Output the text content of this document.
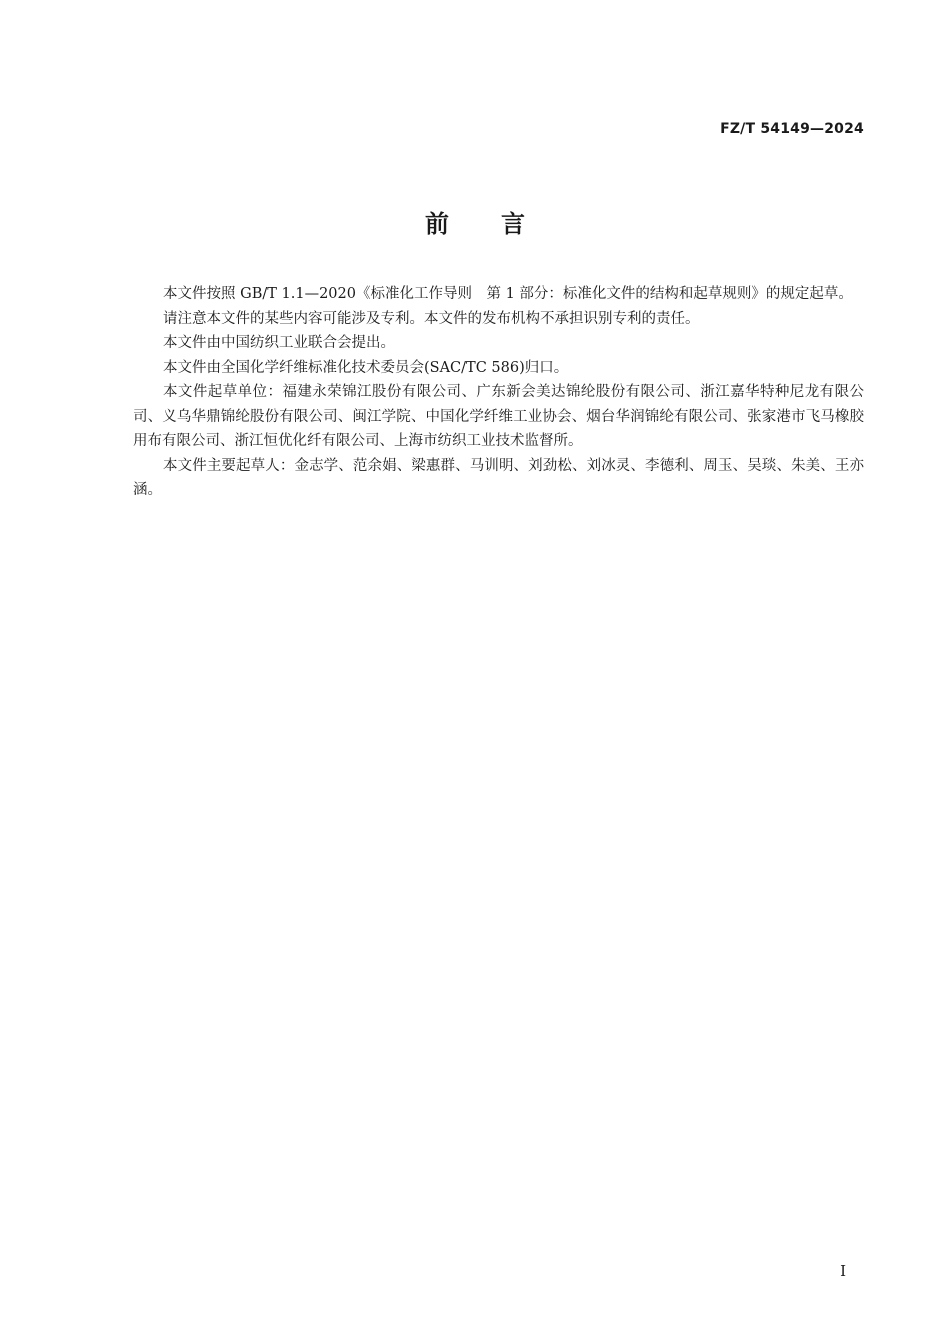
FZ/T 54149—2024
前言

本文件按照 GB/T 1.1—2020《标准化工作导则　第 1 部分：标准化文件的结构和起草规则》的规定起草。

请注意本文件的某些内容可能涉及专利。本文件的发布机构不承担识别专利的责任。

本文件由中国纺织工业联合会提出。

本文件由全国化学纤维标准化技术委员会(SAC/TC 586)归口。

本文件起草单位：福建永荣锦江股份有限公司、广东新会美达锦纶股份有限公司、浙江嘉华特种尼龙有限公司、义乌华鼎锦纶股份有限公司、闽江学院、中国化学纤维工业协会、烟台华润锦纶有限公司、张家港市飞马橡胶用布有限公司、浙江恒优化纤有限公司、上海市纺织工业技术监督所。

本文件主要起草人：金志学、范余娟、梁惠群、马训明、刘劲松、刘冰灵、李德利、周玉、吴琰、朱美、王亦涵。

I
